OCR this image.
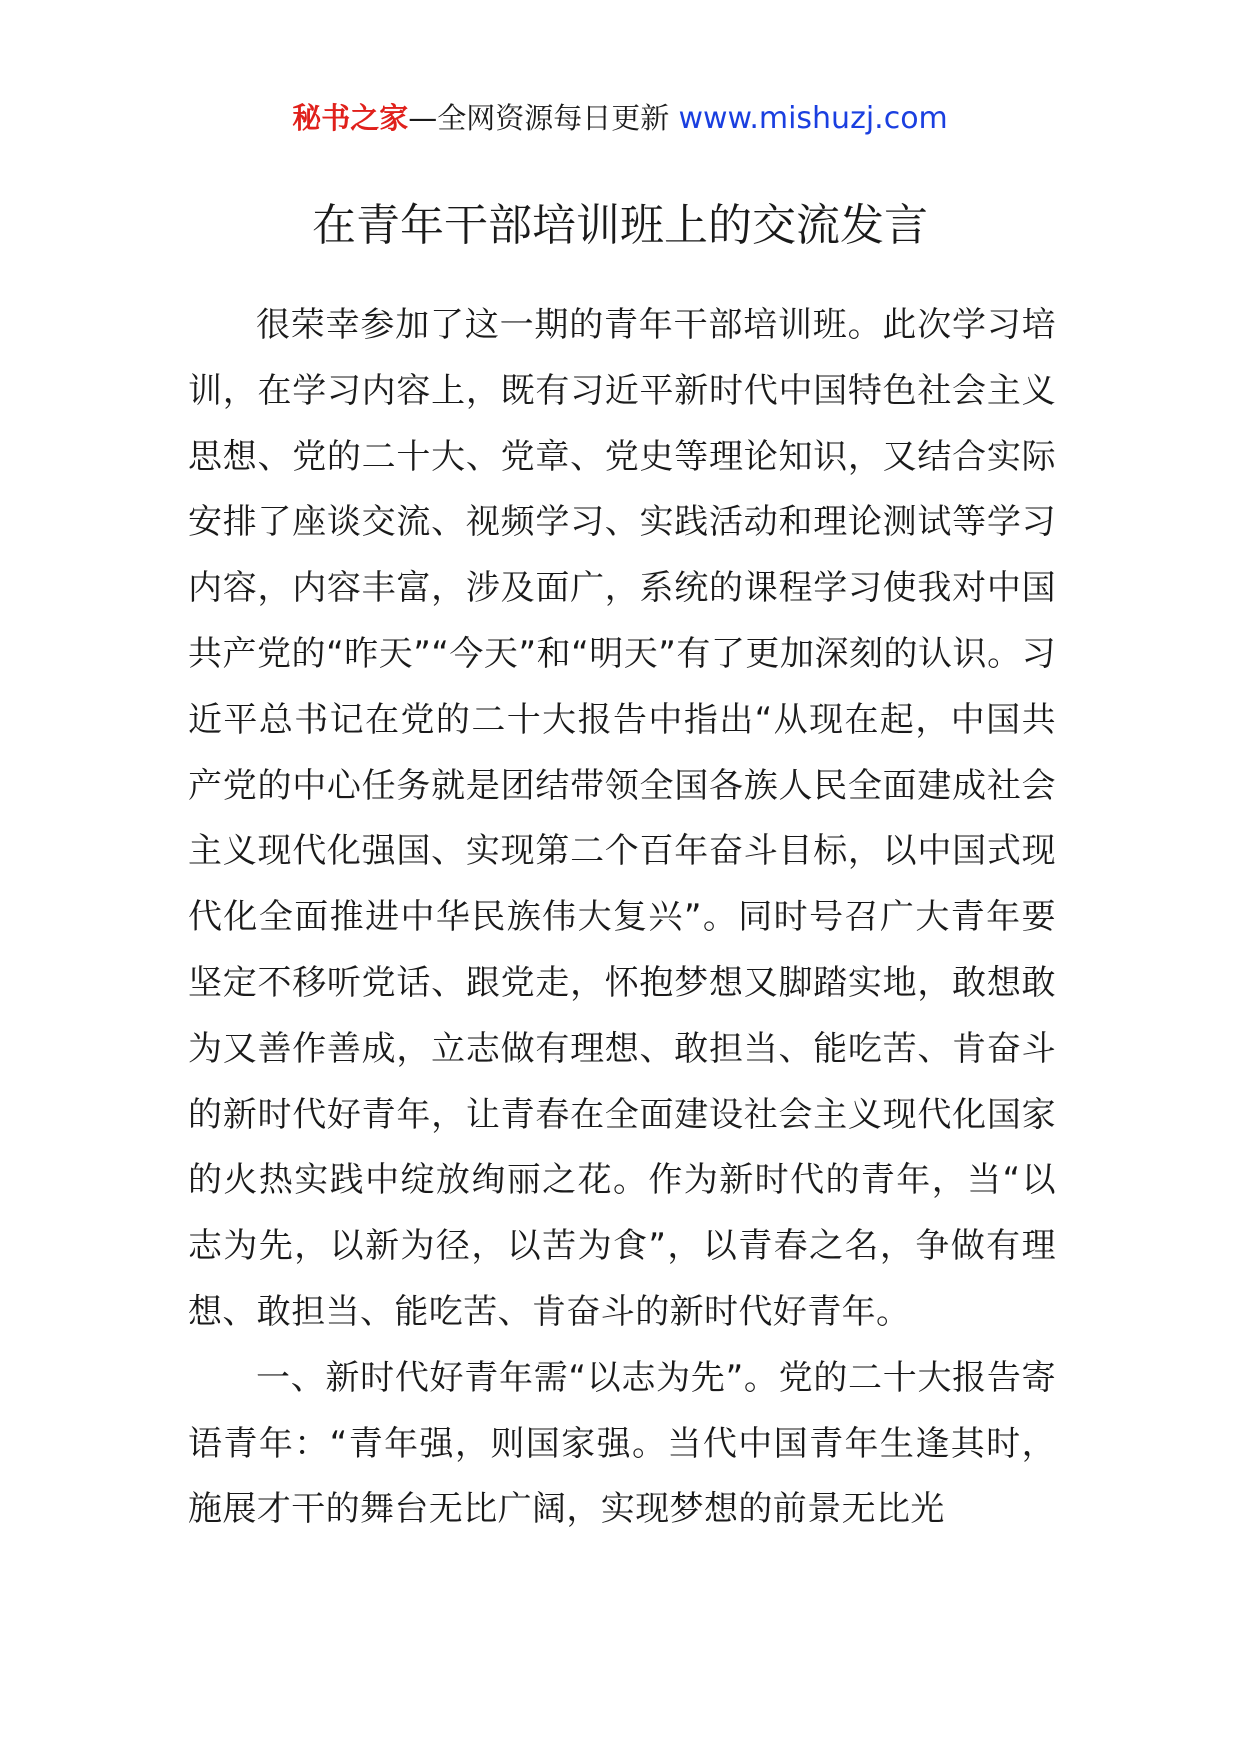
秘书之家—全网资源每日更新 www.mishuzj.com
在青年干部培训班上的交流发言

很荣幸参加了这一期的青年干部培训班。此次学习培训，在学习内容上，既有习近平新时代中国特色社会主义思想、党的二十大、党章、党史等理论知识，又结合实际安排了座谈交流、视频学习、实践活动和理论测试等学习内容，内容丰富，涉及面广，系统的课程学习使我对中国共产党的“昨天”“今天”和“明天”有了更加深刻的认识。习近平总书记在党的二十大报告中指出“从现在起，中国共产党的中心任务就是团结带领全国各族人民全面建成社会主义现代化强国、实现第二个百年奋斗目标，以中国式现代化全面推进中华民族伟大复兴”。同时号召广大青年要坚定不移听党话、跟党走，怀抱梦想又脚踏实地，敢想敢为又善作善成，立志做有理想、敢担当、能吃苦、肯奋斗的新时代好青年，让青春在全面建设社会主义现代化国家的火热实践中绽放绚丽之花。作为新时代的青年，当“以志为先，以新为径，以苦为食”，以青春之名，争做有理想、敢担当、能吃苦、肯奋斗的新时代好青年。

一、新时代好青年需“以志为先”。党的二十大报告寄语青年：“青年强，则国家强。当代中国青年生逢其时，施展才干的舞台无比广阔，实现梦想的前景无比光
